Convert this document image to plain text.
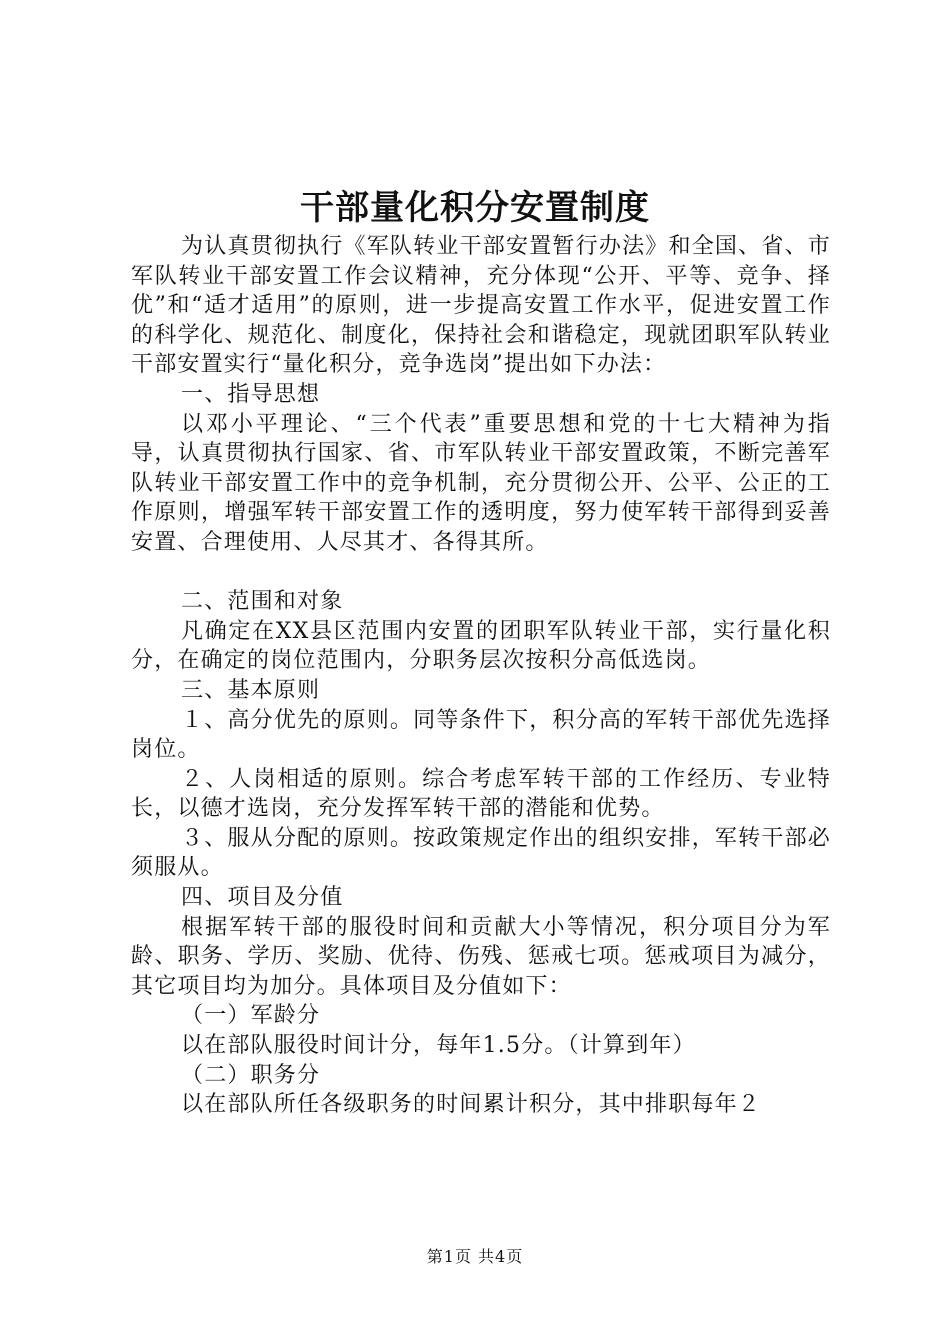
干部量化积分安置制度

为认真贯彻执行《军队转业干部安置暂行办法》和全国、省、市军队转业干部安置工作会议精神，充分体现“公开、平等、竞争、择优”和“适才适用”的原则，进一步提高安置工作水平，促进安置工作的科学化、规范化、制度化，保持社会和谐稳定，现就团职军队转业干部安置实行“量化积分，竞争选岗”提出如下办法：

一、指导思想

以邓小平理论、“三个代表”重要思想和党的十七大精神为指导，认真贯彻执行国家、省、市军队转业干部安置政策，不断完善军队转业干部安置工作中的竞争机制，充分贯彻公开、公平、公正的工作原则，增强军转干部安置工作的透明度，努力使军转干部得到妥善安置、合理使用、人尽其才、各得其所。

二、范围和对象

凡确定在XX县区范围内安置的团职军队转业干部，实行量化积分，在确定的岗位范围内，分职务层次按积分高低选岗。

三、基本原则

１、高分优先的原则。同等条件下，积分高的军转干部优先选择岗位。

２、人岗相适的原则。综合考虑军转干部的工作经历、专业特长，以德才选岗，充分发挥军转干部的潜能和优势。

３、服从分配的原则。按政策规定作出的组织安排，军转干部必须服从。

四、项目及分值

根据军转干部的服役时间和贡献大小等情况，积分项目分为军龄、职务、学历、奖励、优待、伤残、惩戒七项。惩戒项目为减分，其它项目均为加分。具体项目及分值如下：

（一）军龄分

以在部队服役时间计分，每年1.5分。（计算到年）

（二）职务分

以在部队所任各级职务的时间累计积分，其中排职每年２

第1页 共4页
